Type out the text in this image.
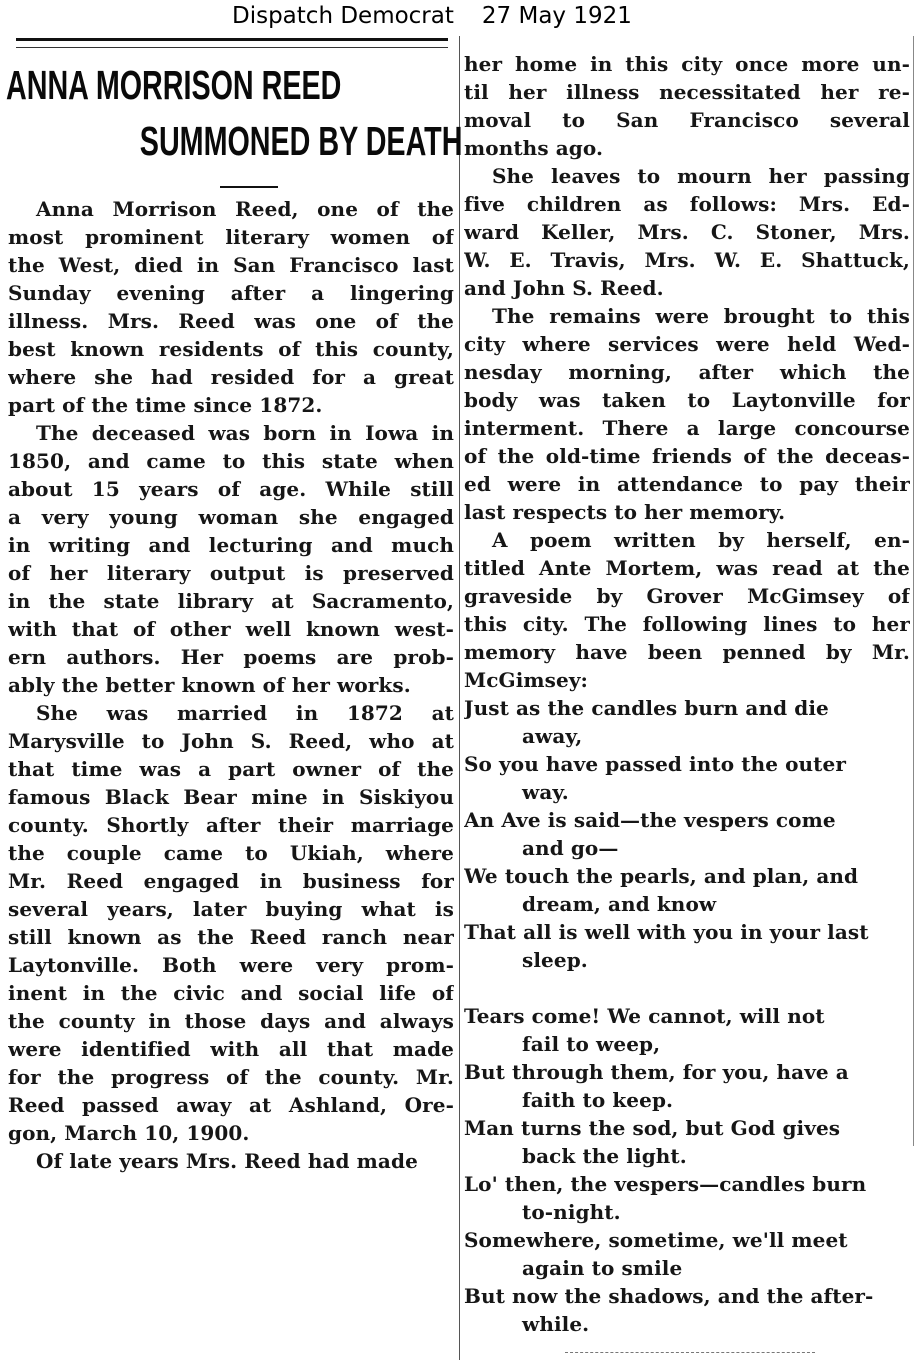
Dispatch Democrat 27 May 1921
ANNA MORRISON REED
SUMMONED BY DEATH
Anna Morrison Reed, one of the
most prominent literary women of
the West, died in San Francisco last
Sunday evening after a lingering
illness. Mrs. Reed was one of the
best known residents of this county,
where she had resided for a great
part of the time since 1872.
The deceased was born in Iowa in
1850, and came to this state when
about 15 years of age. While still
a very young woman she engaged
in writing and lecturing and much
of her literary output is preserved
in the state library at Sacramento,
with that of other well known west-
ern authors. Her poems are prob-
ably the better known of her works.
She was married in 1872 at
Marysville to John S. Reed, who at
that time was a part owner of the
famous Black Bear mine in Siskiyou
county. Shortly after their marriage
the couple came to Ukiah, where
Mr. Reed engaged in business for
several years, later buying what is
still known as the Reed ranch near
Laytonville. Both were very prom-
inent in the civic and social life of
the county in those days and always
were identified with all that made
for the progress of the county. Mr.
Reed passed away at Ashland, Ore-
gon, March 10, 1900.
Of late years Mrs. Reed had made
her home in this city once more un-
til her illness necessitated her re-
moval to San Francisco several
months ago.
She leaves to mourn her passing
five children as follows: Mrs. Ed-
ward Keller, Mrs. C. Stoner, Mrs.
W. E. Travis, Mrs. W. E. Shattuck,
and John S. Reed.
The remains were brought to this
city where services were held Wed-
nesday morning, after which the
body was taken to Laytonville for
interment. There a large concourse
of the old-time friends of the deceas-
ed were in attendance to pay their
last respects to her memory.
A poem written by herself, en-
titled Ante Mortem, was read at the
graveside by Grover McGimsey of
this city. The following lines to her
memory have been penned by Mr.
McGimsey:
Just as the candles burn and die
away,
So you have passed into the outer
way.
An Ave is said—the vespers come
and go—
We touch the pearls, and plan, and
dream, and know
That all is well with you in your last
sleep.
Tears come! We cannot, will not
fail to weep,
But through them, for you, have a
faith to keep.
Man turns the sod, but God gives
back the light.
Lo' then, the vespers—candles burn
to-night.
Somewhere, sometime, we'll meet
again to smile
But now the shadows, and the after-
while.
